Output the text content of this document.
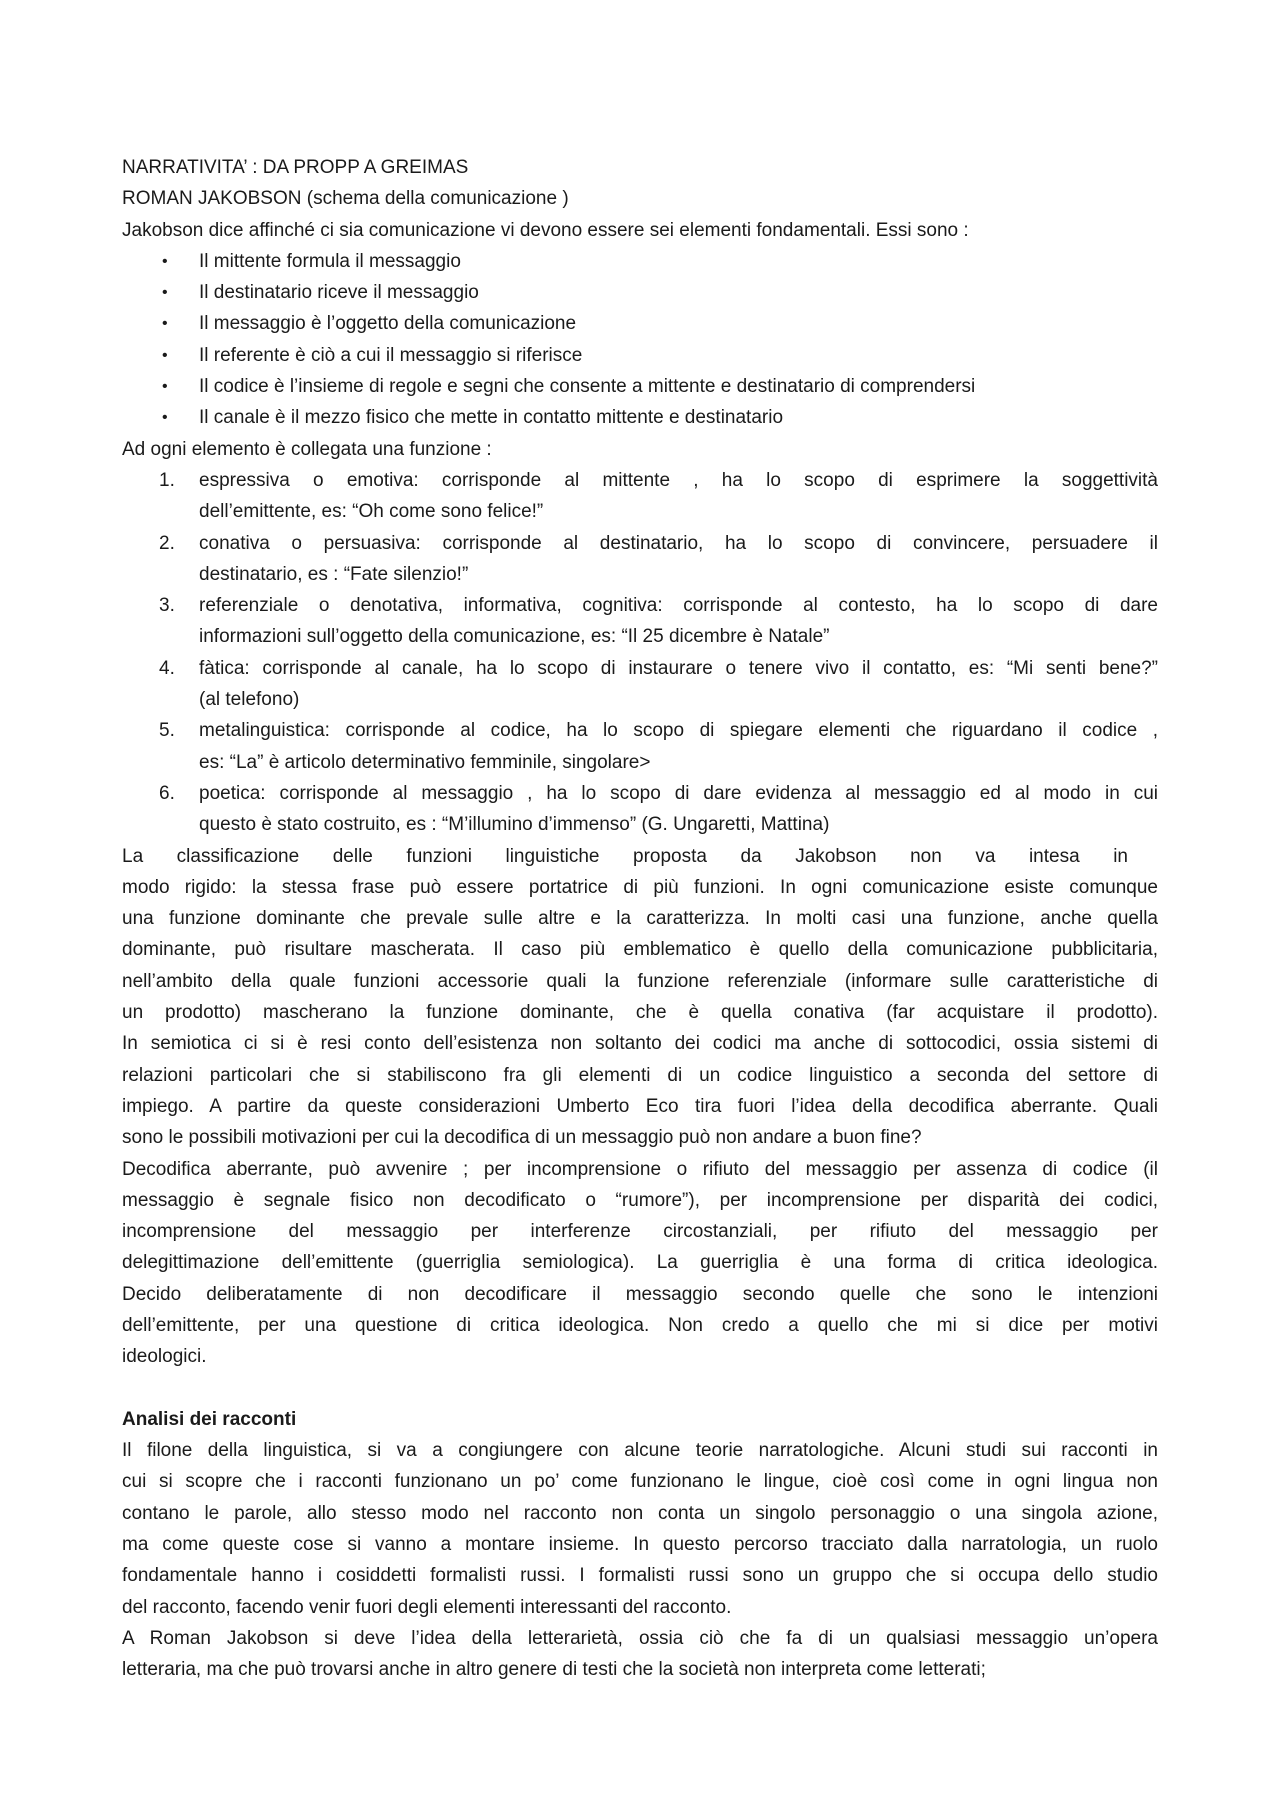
NARRATIVITA’ : DA PROPP A GREIMAS
ROMAN JAKOBSON (schema della comunicazione )
Jakobson dice affinché ci sia comunicazione vi devono essere sei elementi fondamentali. Essi sono :
•	Il mittente formula il messaggio
•	Il destinatario riceve il messaggio
•	Il messaggio è l’oggetto della comunicazione
•	Il referente è ciò a cui il messaggio si riferisce
•	Il codice è l’insieme di regole e segni che consente a mittente e destinatario di comprendersi
•	Il canale è il mezzo fisico che mette in contatto mittente e destinatario
Ad ogni elemento è collegata una funzione :
1.	espressiva o emotiva: corrisponde al mittente , ha lo scopo di esprimere la soggettività
dell’emittente, es: “Oh come sono felice!”
2.	conativa o persuasiva: corrisponde al destinatario, ha lo scopo di convincere, persuadere il
destinatario, es : “Fate silenzio!”
3.	referenziale o denotativa, informativa, cognitiva: corrisponde al contesto, ha lo scopo di dare
informazioni sull’oggetto della comunicazione, es: “Il 25 dicembre è Natale”
4.	fàtica: corrisponde al canale, ha lo scopo di instaurare o tenere vivo il contatto, es: “Mi senti bene?”
(al telefono)
5.	metalinguistica: corrisponde al codice, ha lo scopo di spiegare elementi che riguardano il codice ,
es: “La” è articolo determinativo femminile, singolare>
6.	poetica: corrisponde al messaggio , ha lo scopo di dare evidenza al messaggio ed al modo in cui
questo è stato costruito, es : “M’illumino d’immenso” (G. Ungaretti, Mattina)
La classificazione delle funzioni linguistiche proposta da Jakobson non va intesa in
modo rigido: la stessa frase può essere portatrice di più funzioni. In ogni comunicazione esiste comunque
una funzione dominante che prevale sulle altre e la caratterizza. In molti casi una funzione, anche quella
dominante, può risultare mascherata. Il caso più emblematico è quello della comunicazione pubblicitaria,
nell’ambito della quale funzioni accessorie quali la funzione referenziale (informare sulle caratteristiche di
un prodotto) mascherano la funzione dominante, che è quella conativa (far acquistare il prodotto).
In semiotica ci si è resi conto dell’esistenza non soltanto dei codici ma anche di sottocodici, ossia sistemi di
relazioni particolari che si stabiliscono fra gli elementi di un codice linguistico a seconda del settore di
impiego. A partire da queste considerazioni Umberto Eco tira fuori l’idea della decodifica aberrante. Quali
sono le possibili motivazioni per cui la decodifica di un messaggio può non andare a buon fine?
Decodifica aberrante, può avvenire ; per incomprensione o rifiuto del messaggio per assenza di codice (il
messaggio è segnale fisico non decodificato o “rumore”), per incomprensione per disparità dei codici,
incomprensione del messaggio per interferenze circostanziali, per rifiuto del messaggio per
delegittimazione dell’emittente (guerriglia semiologica). La guerriglia è una forma di critica ideologica.
Decido deliberatamente di non decodificare il messaggio secondo quelle che sono le intenzioni
dell’emittente, per una questione di critica ideologica. Non credo a quello che mi si dice per motivi
ideologici.
Analisi dei racconti
Il filone della linguistica, si va a congiungere con alcune teorie narratologiche. Alcuni studi sui racconti in
cui si scopre che i racconti funzionano un po’ come funzionano le lingue, cioè così come in ogni lingua non
contano le parole, allo stesso modo nel racconto non conta un singolo personaggio o una singola azione,
ma come queste cose si vanno a montare insieme. In questo percorso tracciato dalla narratologia, un ruolo
fondamentale hanno i cosiddetti formalisti russi. I formalisti russi sono un gruppo che si occupa dello studio
del racconto, facendo venir fuori degli elementi interessanti del racconto.
A Roman Jakobson si deve l’idea della letterarietà, ossia ciò che fa di un qualsiasi messaggio un’opera
letteraria, ma che può trovarsi anche in altro genere di testi che la società non interpreta come letterati;
